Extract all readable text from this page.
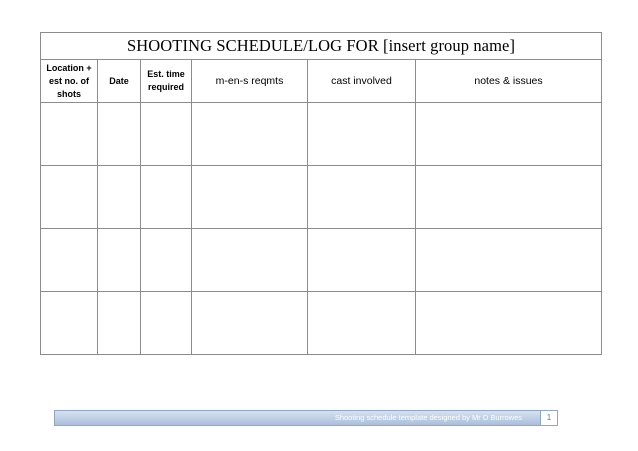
SHOOTING SCHEDULE/LOG FOR [insert group name]					
Location + est no. of shots	Date	Est. time required	m-en-s reqmts	cast involved	notes & issues

Shooting schedule template designed by Mr D Burrowes	1
